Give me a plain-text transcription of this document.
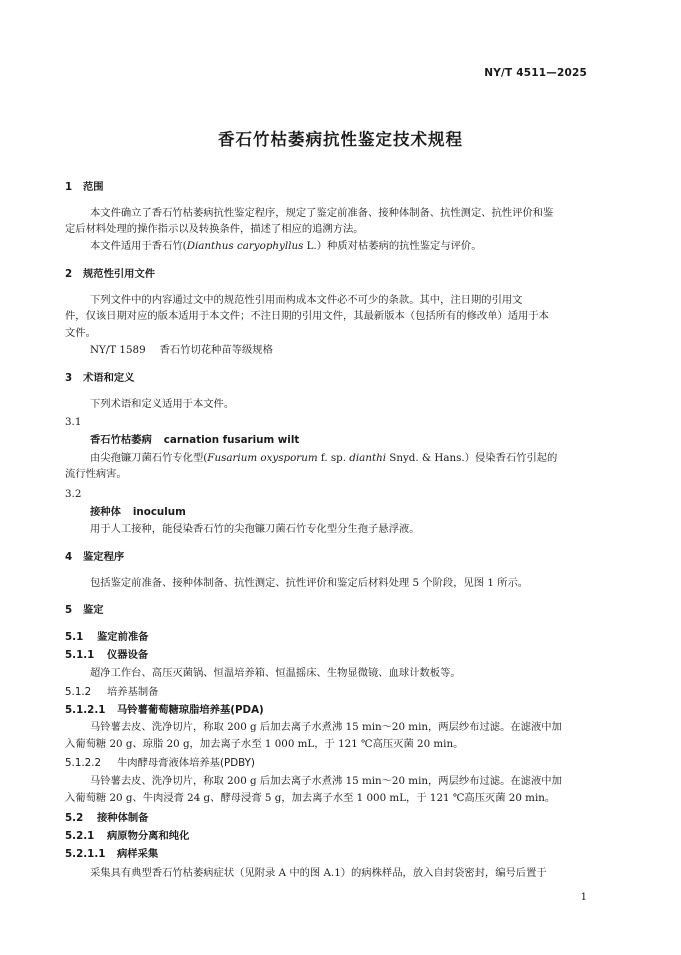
NY/T 4511—2025
香石竹枯萎病抗性鉴定技术规程
1 范围
本文件确立了香石竹枯萎病抗性鉴定程序，规定了鉴定前准备、接种体制备、抗性测定、抗性评价和鉴
定后材料处理的操作指示以及转换条件，描述了相应的追溯方法。
本文件适用于香石竹(Dianthus caryophyllus L.）种质对枯萎病的抗性鉴定与评价。
2 规范性引用文件
下列文件中的内容通过文中的规范性引用而构成本文件必不可少的条款。其中，注日期的引用文
件，仅该日期对应的版本适用于本文件；不注日期的引用文件，其最新版本（包括所有的修改单）适用于本
文件。
NY/T 1589 香石竹切花种苗等级规格
3 术语和定义
下列术语和定义适用于本文件。
3.1
香石竹枯萎病 carnation fusarium wilt
由尖孢镰刀菌石竹专化型(Fusarium oxysporum f. sp. dianthi Snyd. & Hans.）侵染香石竹引起的
流行性病害。
3.2
接种体 inoculum
用于人工接种，能侵染香石竹的尖孢镰刀菌石竹专化型分生孢子悬浮液。
4 鉴定程序
包括鉴定前准备、接种体制备、抗性测定、抗性评价和鉴定后材料处理 5 个阶段，见图 1 所示。
5 鉴定
5.1 鉴定前准备
5.1.1 仪器设备
超净工作台、高压灭菌锅、恒温培养箱、恒温摇床、生物显微镜、血球计数板等。
5.1.2 培养基制备
5.1.2.1 马铃薯葡萄糖琼脂培养基(PDA)
马铃薯去皮、洗净切片，称取 200 g 后加去离子水煮沸 15 min～20 min，两层纱布过滤。在滤液中加
入葡萄糖 20 g、琼脂 20 g，加去离子水至 1 000 mL，于 121 ℃高压灭菌 20 min。
5.1.2.2 牛肉酵母膏液体培养基(PDBY)
马铃薯去皮、洗净切片，称取 200 g 后加去离子水煮沸 15 min～20 min，两层纱布过滤。在滤液中加
入葡萄糖 20 g、牛肉浸膏 24 g、酵母浸膏 5 g，加去离子水至 1 000 mL，于 121 ℃高压灭菌 20 min。
5.2 接种体制备
5.2.1 病原物分离和纯化
5.2.1.1 病样采集
采集具有典型香石竹枯萎病症状（见附录 A 中的图 A.1）的病株样品，放入自封袋密封，编号后置于
1
